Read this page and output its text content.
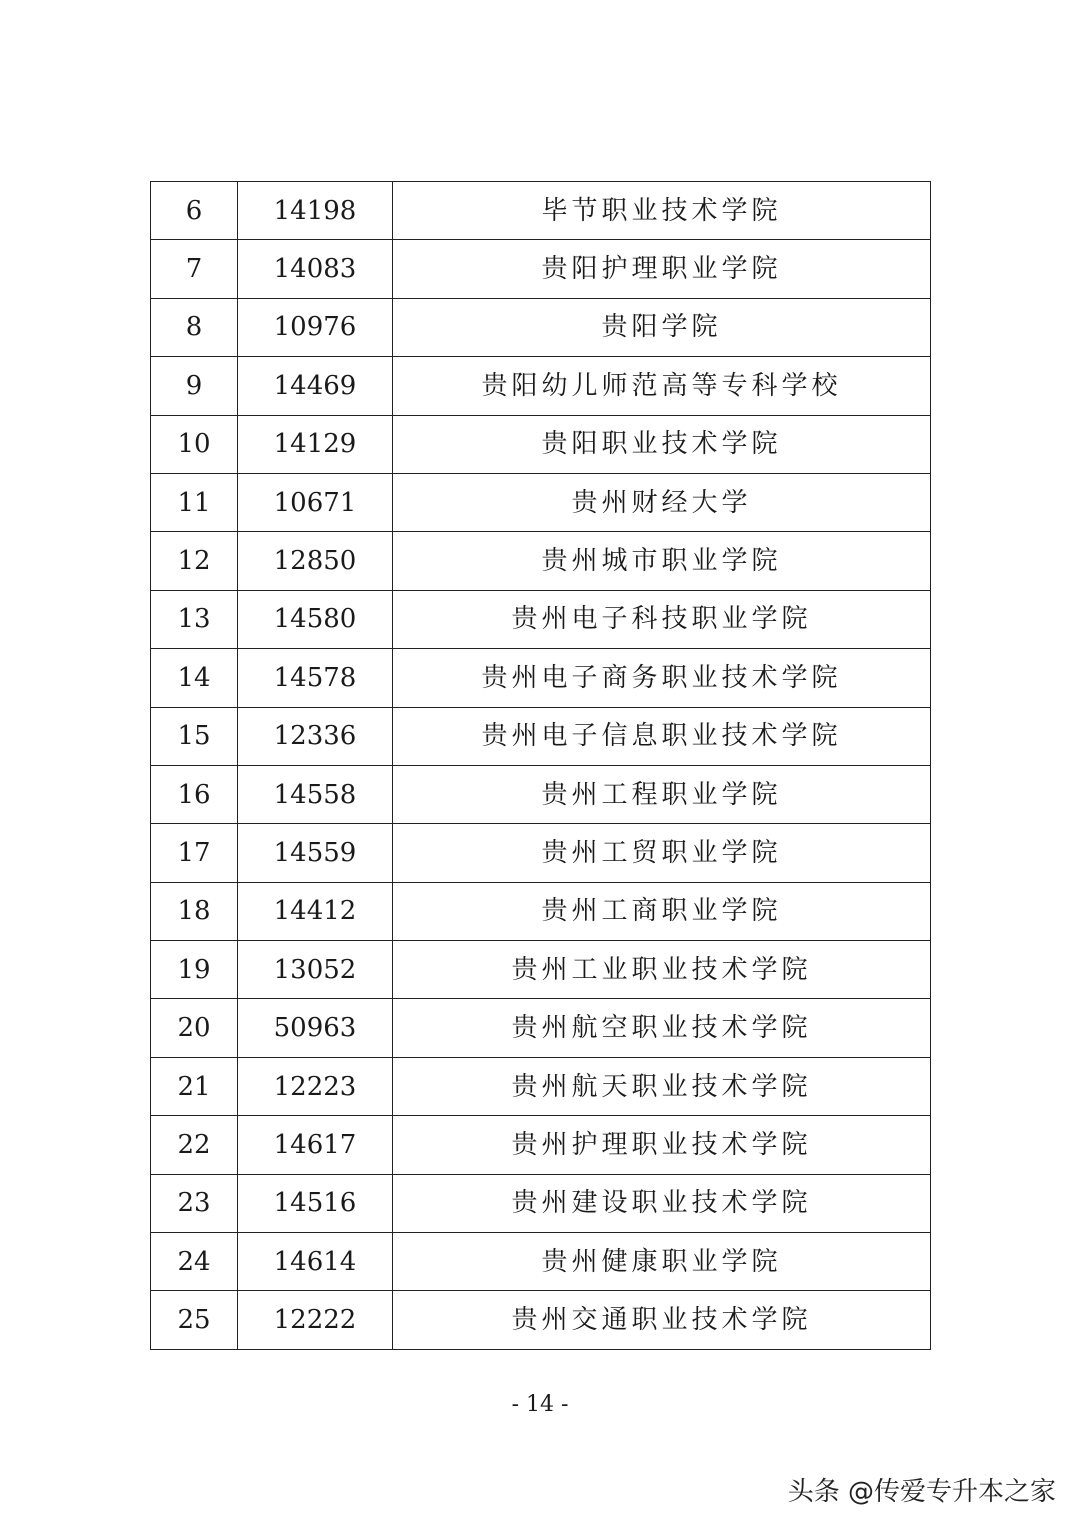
6	14198	毕节职业技术学院
7	14083	贵阳护理职业学院
8	10976	贵阳学院
9	14469	贵阳幼儿师范高等专科学校
10	14129	贵阳职业技术学院
11	10671	贵州财经大学
12	12850	贵州城市职业学院
13	14580	贵州电子科技职业学院
14	14578	贵州电子商务职业技术学院
15	12336	贵州电子信息职业技术学院
16	14558	贵州工程职业学院
17	14559	贵州工贸职业学院
18	14412	贵州工商职业学院
19	13052	贵州工业职业技术学院
20	50963	贵州航空职业技术学院
21	12223	贵州航天职业技术学院
22	14617	贵州护理职业技术学院
23	14516	贵州建设职业技术学院
24	14614	贵州健康职业学院
25	12222	贵州交通职业技术学院
- 14 -
头条 @传爱专升本之家
